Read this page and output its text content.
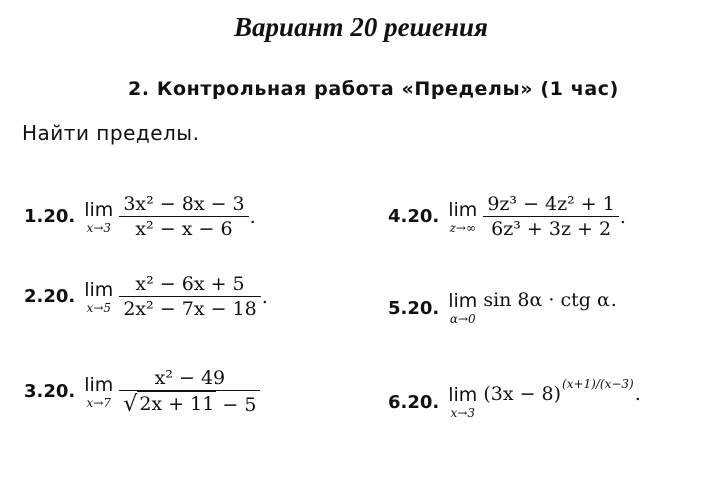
Вариант 20 решения
2. Контрольная работа «Пределы» (1 час)
Найти пределы.
1.20. lim
$x\to 3 \frac{\text{3x² − 8x − 3}}{\text{x² − x − 6}}$ .
2.20. lim
$x\to 5 \frac{\text{x² − 6x + 5}}{\text{2x² − 7x − 18}}$ .
3.20. lim
$x\to 7 \frac{\text{x² − 49}}{√ 2x + 11 - 5}$
4.20. lim
$z\to\infty \frac{\text{9z³ − 4z² + 1}}{\text{6z³ + 3z + 2}}$ .
5.20. lim
α→0
sin 8α · ctg α .
6.20. lim
x→3
(3x − 8) (x+1)/(x−3) .
